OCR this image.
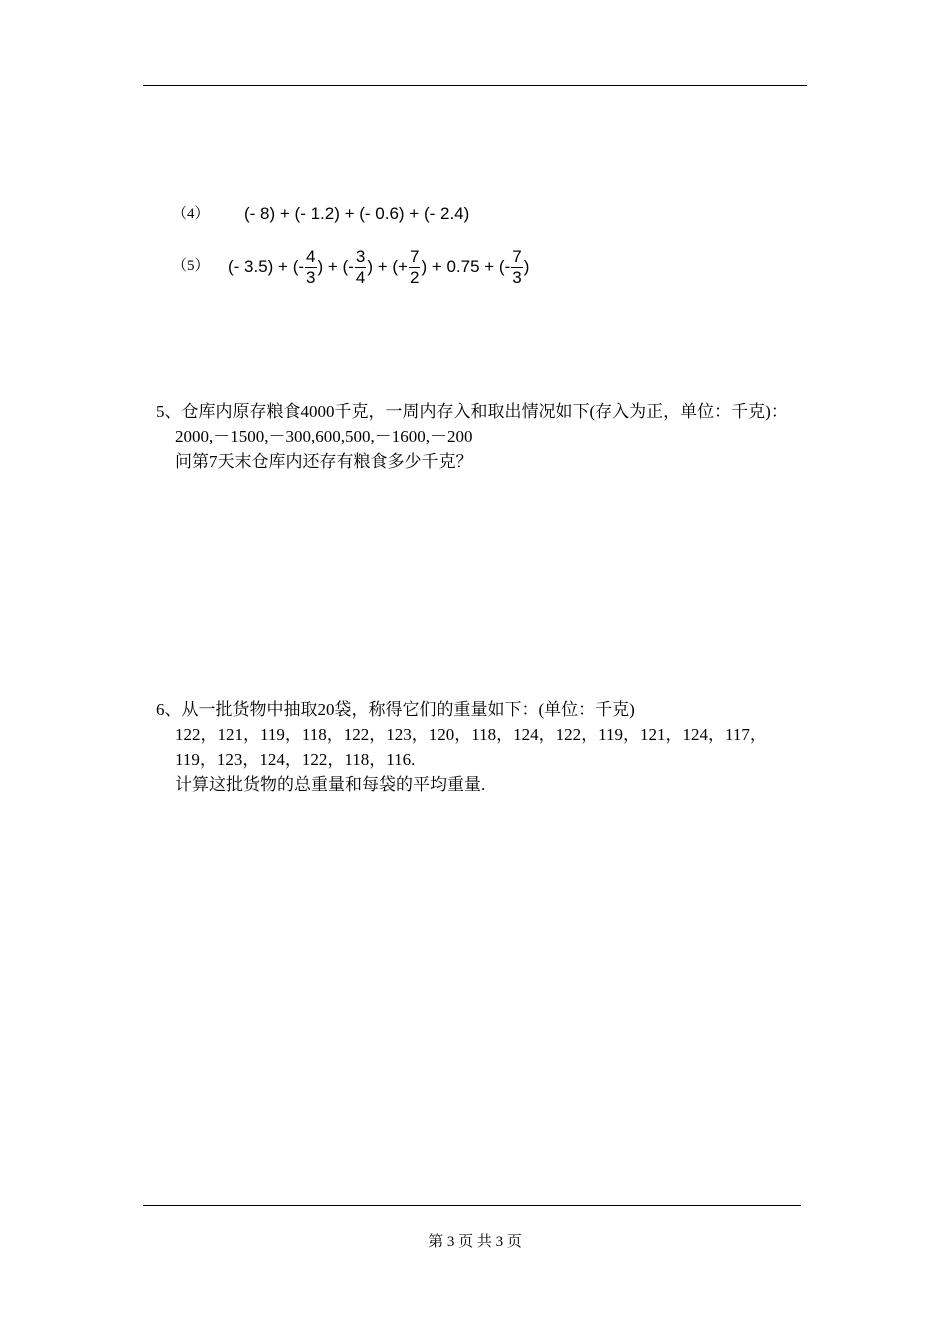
（4） (- 8) + (- 1.2) + (- 0.6) + (- 2.4)
（5） (- 3.5) + (- $\frac{4}{3}$ ) + (- $\frac{3}{4}$ ) + (+ $\frac{7}{2}$ ) + 0.75 + (- $\frac{7}{3}$ )
5、仓库内原存粮食4000千克，一周内存入和取出情况如下(存入为正，单位：千克)：
2000,－1500,－300,600,500,－1600,－200
问第7天末仓库内还存有粮食多少千克？
6、从一批货物中抽取20袋，称得它们的重量如下：(单位：千克)
122，121，119，118，122，123，120，118，124，122，119，121，124，117，
119，123，124，122，118，116.
计算这批货物的总重量和每袋的平均重量.
第 3 页 共 3 页
